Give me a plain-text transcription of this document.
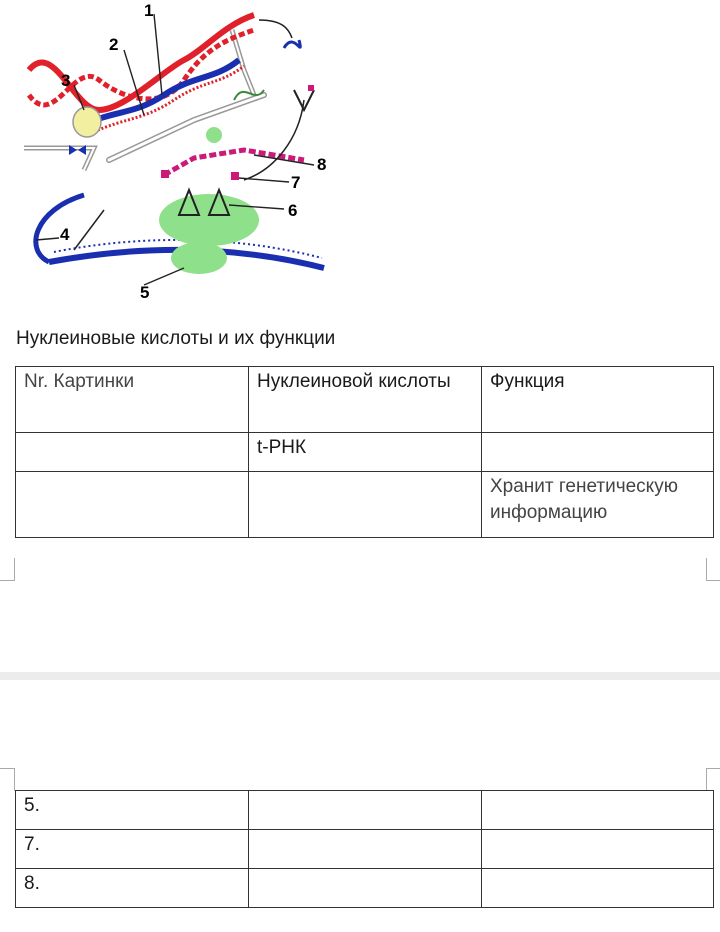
1
2
3
4
5
6
7
8
Нуклеиновые кислоты и их функции
Nr. Картинки	Нуклеиновой кислоты	Функция
	t-РНК	
		Хранит генетическую информацию
5.		
7.		
8.		
